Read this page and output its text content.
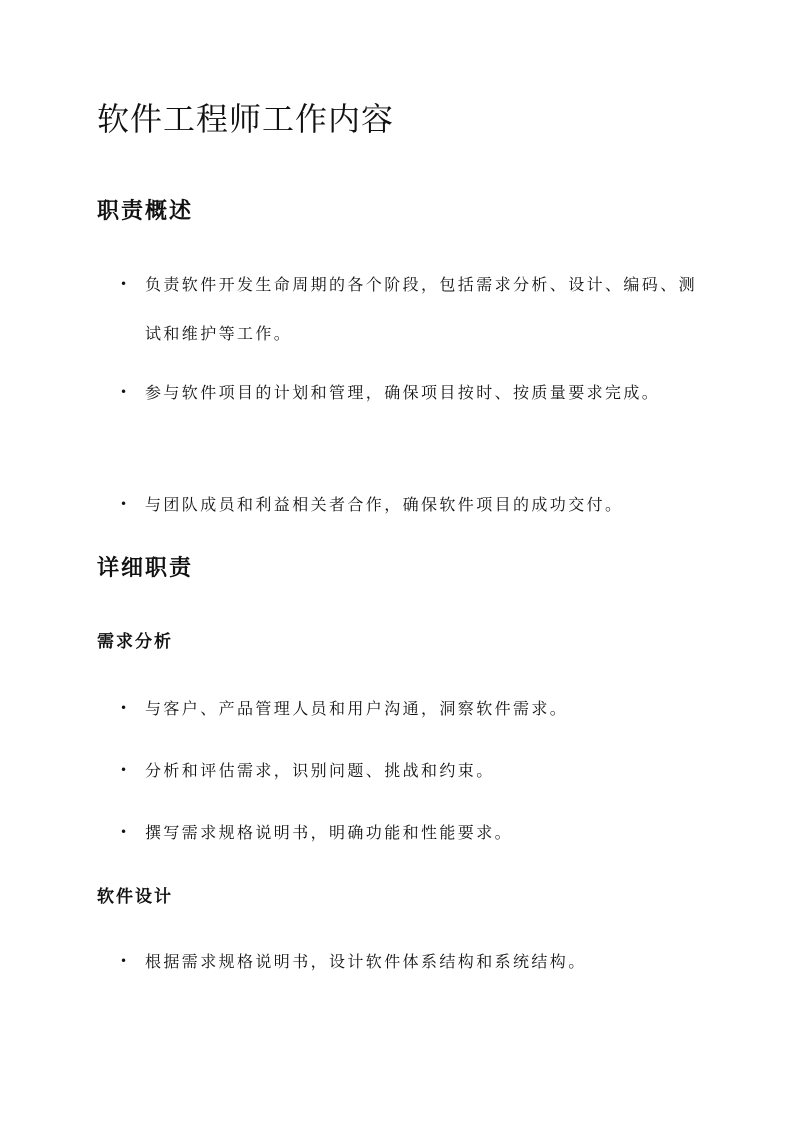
软件工程师工作内容
职责概述
• 负责软件开发生命周期的各个阶段，包括需求分析、设计、编码、测试和维护等工作。
• 参与软件项目的计划和管理，确保项目按时、按质量要求完成。
• 与团队成员和利益相关者合作，确保软件项目的成功交付。
详细职责
需求分析
• 与客户、产品管理人员和用户沟通，洞察软件需求。
• 分析和评估需求，识别问题、挑战和约束。
• 撰写需求规格说明书，明确功能和性能要求。
软件设计
• 根据需求规格说明书，设计软件体系结构和系统结构。
